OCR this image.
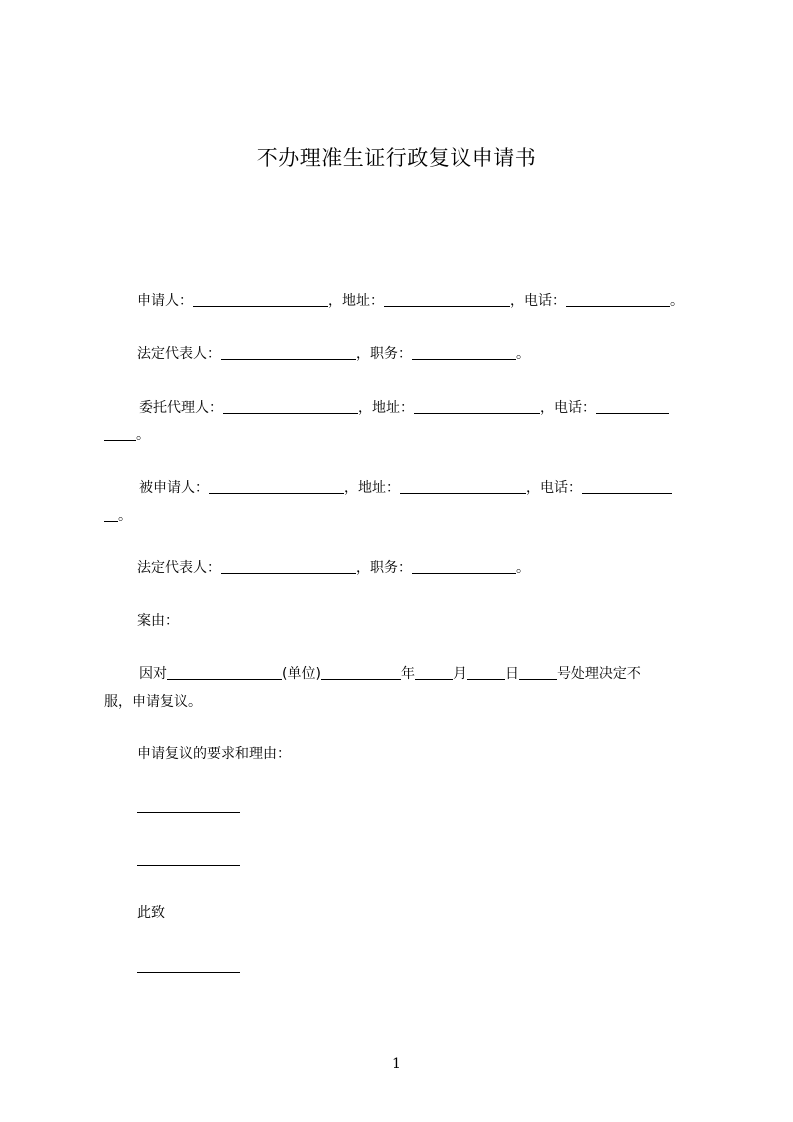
不办理准生证行政复议申请书
申请人：	，地址：	，电话：	。
法定代表人：	，职务：	。
委托代理人：	，地址：	，电话：
。
被申请人：	，地址：	，电话：
。
法定代表人：	，职务：	。
案由：
因对	(单位)	年	月	日	号处理决定不
服，申请复议。
申请复议的要求和理由：
此致
1
